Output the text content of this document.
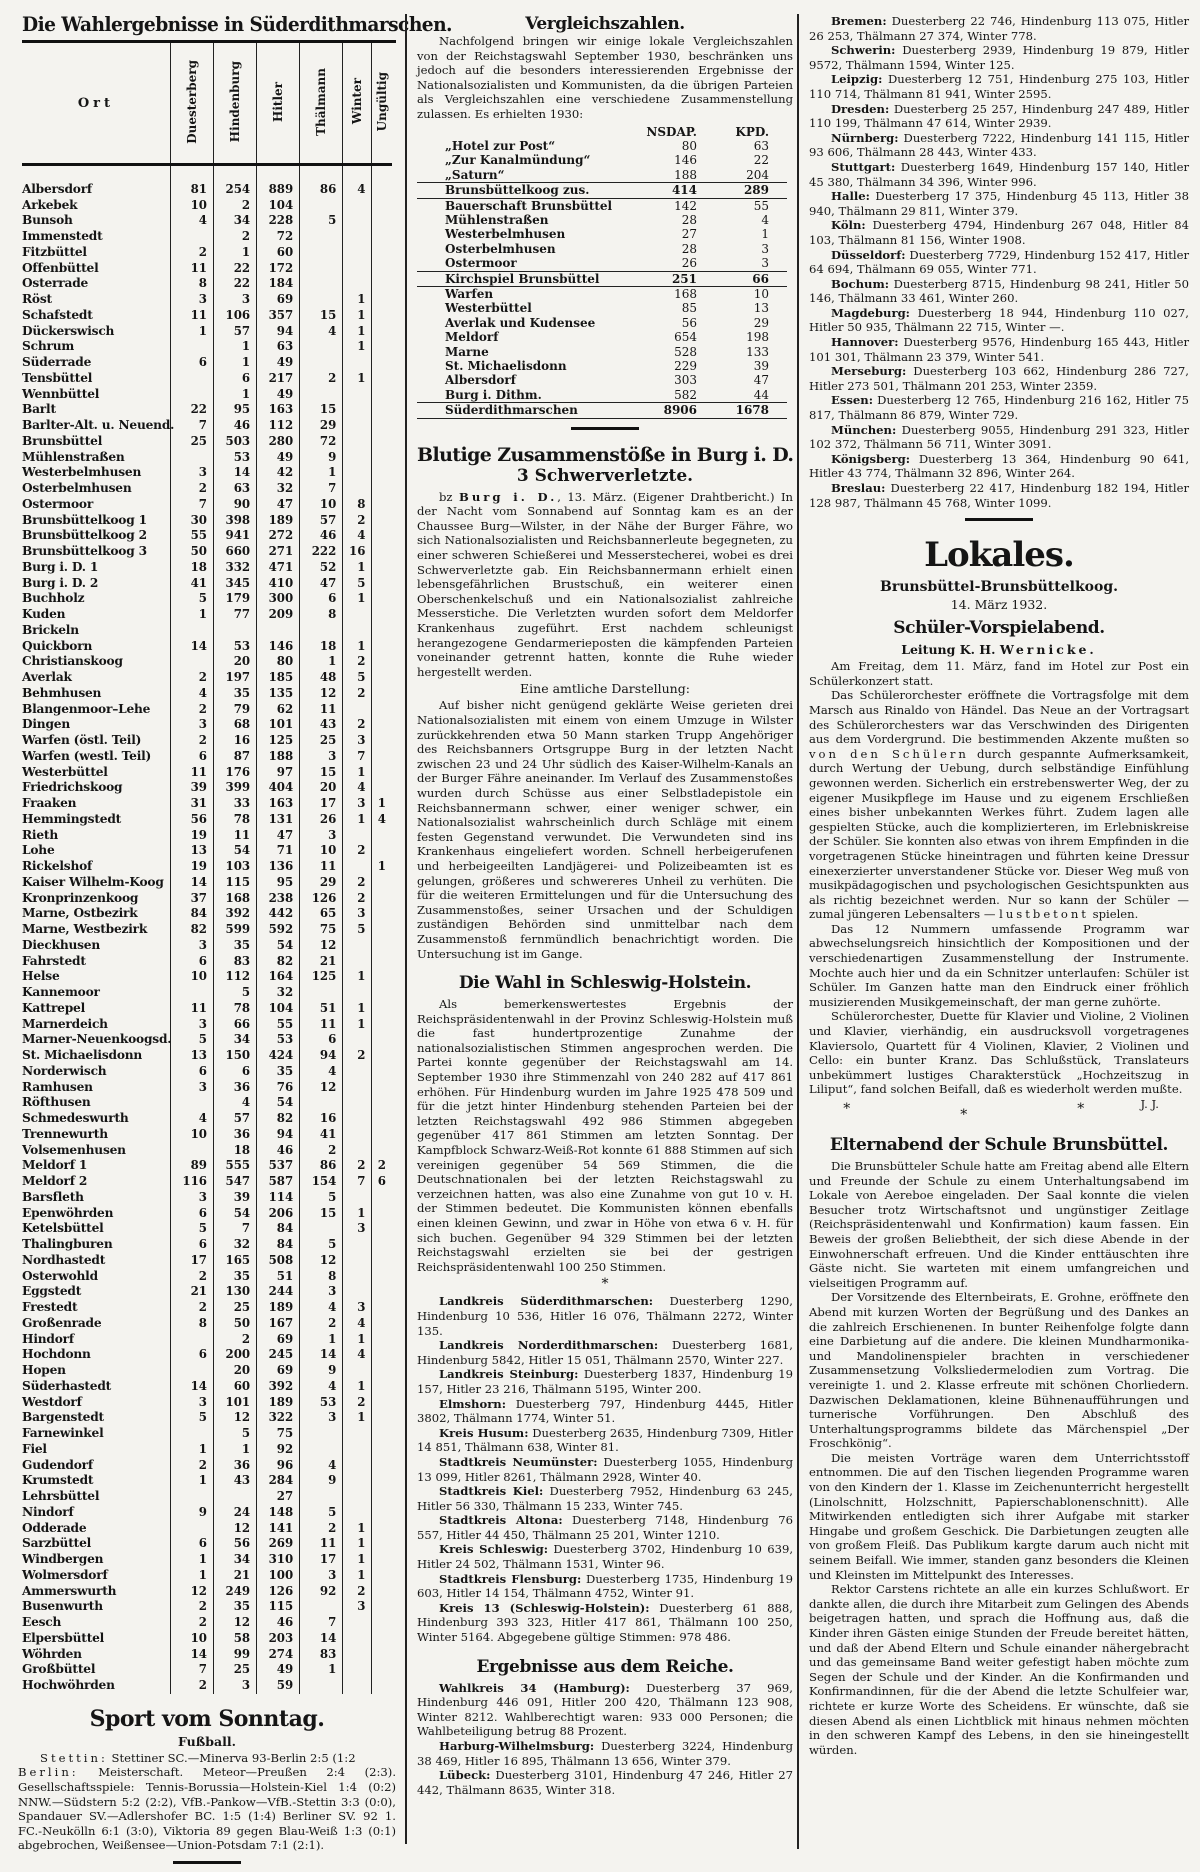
Die Wahlergebnisse in Süderdithmarschen.
Ort	Duesterberg	Hindenburg	Hitler	Thälmann	Winter	Ungültig

Albersdorf	81	254	889	86	4	
Arkebek	10	2	104			
Bunsoh	4	34	228	5		
Immenstedt		2	72			
Fitzbüttel	2	1	60			
Offenbüttel	11	22	172			
Osterrade	8	22	184			
Röst	3	3	69		1	
Schafstedt	11	106	357	15	1	
Dückerswisch	1	57	94	4	1	
Schrum		1	63		1	
Süderrade	6	1	49			
Tensbüttel		6	217	2	1	
Wennbüttel		1	49			
Barlt	22	95	163	15		
Barlter-Alt. u. Neuend.	7	46	112	29		
Brunsbüttel	25	503	280	72		
Mühlenstraßen		53	49	9		
Westerbelmhusen	3	14	42	1		
Osterbelmhusen	2	63	32	7		
Ostermoor	7	90	47	10	8	
Brunsbüttelkoog 1	30	398	189	57	2	
Brunsbüttelkoog 2	55	941	272	46	4	
Brunsbüttelkoog 3	50	660	271	222	16	
Burg i. D. 1	18	332	471	52	1	
Burg i. D. 2	41	345	410	47	5	
Buchholz	5	179	300	6	1	
Kuden	1	77	209	8		
Brickeln						
Quickborn	14	53	146	18	1	
Christianskoog		20	80	1	2	
Averlak	2	197	185	48	5	
Behmhusen	4	35	135	12	2	
Blangenmoor–Lehe	2	79	62	11		
Dingen	3	68	101	43	2	
Warfen (östl. Teil)	2	16	125	25	3	
Warfen (westl. Teil)	6	87	188	3	7	
Westerbüttel	11	176	97	15	1	
Friedrichskoog	39	399	404	20	4	
Fraaken	31	33	163	17	3	1
Hemmingstedt	56	78	131	26	1	4
Rieth	19	11	47	3		
Lohe	13	54	71	10	2	
Rickelshof	19	103	136	11		1
Kaiser Wilhelm-Koog	14	115	95	29	2	
Kronprinzenkoog	37	168	238	126	2	
Marne, Ostbezirk	84	392	442	65	3	
Marne, Westbezirk	82	599	592	75	5	
Dieckhusen	3	35	54	12		
Fahrstedt	6	83	82	21		
Helse	10	112	164	125	1	
Kannemoor		5	32			
Kattrepel	11	78	104	51	1	
Marnerdeich	3	66	55	11	1	
Marner-Neuenkoogsd.	5	34	53	6		
St. Michaelisdonn	13	150	424	94	2	
Norderwisch	6	6	35	4		
Ramhusen	3	36	76	12		
Röfthusen		4	54			
Schmedeswurth	4	57	82	16		
Trennewurth	10	36	94	41		
Volsemenhusen		18	46	2		
Meldorf 1	89	555	537	86	2	2
Meldorf 2	116	547	587	154	7	6
Barsfleth	3	39	114	5		
Epenwöhrden	6	54	206	15	1	
Ketelsbüttel	5	7	84		3	
Thalingburen	6	32	84	5		
Nordhastedt	17	165	508	12		
Osterwohld	2	35	51	8		
Eggstedt	21	130	244	3		
Frestedt	2	25	189	4	3	
Großenrade	8	50	167	2	4	
Hindorf		2	69	1	1	
Hochdonn	6	200	245	14	4	
Hopen		20	69	9		
Süderhastedt	14	60	392	4	1	
Westdorf	3	101	189	53	2	
Bargenstedt	5	12	322	3	1	
Farnewinkel		5	75			
Fiel	1	1	92			
Gudendorf	2	36	96	4		
Krumstedt	1	43	284	9		
Lehrsbüttel			27			
Nindorf	9	24	148	5		
Odderade		12	141	2	1	
Sarzbüttel	6	56	269	11	1	
Windbergen	1	34	310	17	1	
Wolmersdorf	1	21	100	3	1	
Ammerswurth	12	249	126	92	2	
Busenwurth	2	35	115		3	
Eesch	2	12	46	7		
Elpersbüttel	10	58	203	14		
Wöhrden	14	99	274	83		
Großbüttel	7	25	49	1		
Hochwöhrden	2	3	59			
Sport vom Sonntag.
Fußball.

Stettin: Stettiner SC.—Minerva 93-Berlin 2:5 (1:2
Berlin: Meisterschaft. Meteor—Preußen 2:4 (2:3). Gesellschaftsspiele: Tennis-Borussia—Holstein-Kiel 1:4 (0:2) NNW.—Südstern 5:2 (2:2), VfB.-Pankow—VfB.-Stettin 3:3 (0:0), Spandauer SV.—Adlershofer BC. 1:5 (1:4) Berliner SV. 92 1. FC.-Neukölln 6:1 (3:0), Viktoria 89 gegen Blau-Weiß 1:3 (0:1) abgebrochen, Weißensee—Union-Potsdam 7:1 (2:1).

Vergleichszahlen.

Nachfolgend bringen wir einige lokale Vergleichszahlen von der Reichstagswahl September 1930, beschränken uns jedoch auf die besonders interessierenden Ergebnisse der Nationalsozialisten und Kommunisten, da die übrigen Parteien als Vergleichszahlen eine verschiedene Zusammenstellung zulassen. Es erhielten 1930:

	NSDAP.	KPD.
„Hotel zur Post“	80	63
„Zur Kanalmündung“	146	22
„Saturn“	188	204
Brunsbüttelkoog zus.	414	289
Bauerschaft Brunsbüttel	142	55
Mühlenstraßen	28	4
Westerbelmhusen	27	1
Osterbelmhusen	28	3
Ostermoor	26	3
Kirchspiel Brunsbüttel	251	66
Warfen	168	10
Westerbüttel	85	13
Averlak und Kudensee	56	29
Meldorf	654	198
Marne	528	133
St. Michaelisdonn	229	39
Albersdorf	303	47
Burg i. Dithm.	582	44
Süderdithmarschen	8906	1678
Blutige Zusammenstöße in Burg i. D.
3 Schwerverletzte.

bz Burg i. D., 13. März. (Eigener Drahtbericht.) In der Nacht vom Sonnabend auf Sonntag kam es an der Chaussee Burg—Wilster, in der Nähe der Burger Fähre, wo sich Nationalsozialisten und Reichsbannerleute begegneten, zu einer schweren Schießerei und Messerstecherei, wobei es drei Schwerverletzte gab. Ein Reichsbannermann erhielt einen lebensgefährlichen Brustschuß, ein weiterer einen Oberschenkelschuß und ein Nationalsozialist zahlreiche Messerstiche. Die Verletzten wurden sofort dem Meldorfer Krankenhaus zugeführt. Erst nachdem schleunigst herangezogene Gendarmerieposten die kämpfenden Parteien voneinander getrennt hatten, konnte die Ruhe wieder hergestellt werden.

Eine amtliche Darstellung:

Auf bisher nicht genügend geklärte Weise gerieten drei Nationalsozialisten mit einem von einem Umzuge in Wilster zurückkehrenden etwa 50 Mann starken Trupp Angehöriger des Reichsbanners Ortsgruppe Burg in der letzten Nacht zwischen 23 und 24 Uhr südlich des Kaiser-Wilhelm-Kanals an der Burger Fähre aneinander. Im Verlauf des Zusammenstoßes wurden durch Schüsse aus einer Selbstladepistole ein Reichsbannermann schwer, einer weniger schwer, ein Nationalsozialist wahrscheinlich durch Schläge mit einem festen Gegenstand verwundet. Die Verwundeten sind ins Krankenhaus eingeliefert worden. Schnell herbeigerufenen und herbeigeeilten Landjägerei- und Polizeibeamten ist es gelungen, größeres und schwereres Unheil zu verhüten. Die für die weiteren Ermittelungen und für die Untersuchung des Zusammenstoßes, seiner Ursachen und der Schuldigen zuständigen Behörden sind unmittelbar nach dem Zusammenstoß fernmündlich benachrichtigt worden. Die Untersuchung ist im Gange.

Die Wahl in Schleswig-Holstein.

Als bemerkenswertestes Ergebnis der Reichspräsidentenwahl in der Provinz Schleswig-Holstein muß die fast hundertprozentige Zunahme der nationalsozialistischen Stimmen angesprochen werden. Die Partei konnte gegenüber der Reichstagswahl am 14. September 1930 ihre Stimmenzahl von 240 282 auf 417 861 erhöhen. Für Hindenburg wurden im Jahre 1925 478 509 und für die jetzt hinter Hindenburg stehenden Parteien bei der letzten Reichstagswahl 492 986 Stimmen abgegeben gegenüber 417 861 Stimmen am letzten Sonntag. Der Kampfblock Schwarz-Weiß-Rot konnte 61 888 Stimmen auf sich vereinigen gegenüber 54 569 Stimmen, die die Deutschnationalen bei der letzten Reichstagswahl zu verzeichnen hatten, was also eine Zunahme von gut 10 v. H. der Stimmen bedeutet. Die Kommunisten können ebenfalls einen kleinen Gewinn, und zwar in Höhe von etwa 6 v. H. für sich buchen. Gegenüber 94 329 Stimmen bei der letzten Reichstagswahl erzielten sie bei der gestrigen Reichspräsidentenwahl 100 250 Stimmen.

*

Landkreis Süderdithmarschen: Duesterberg 1290, Hindenburg 10 536, Hitler 16 076, Thälmann 2272, Winter 135.

Landkreis Norderdithmarschen: Duesterberg 1681, Hindenburg 5842, Hitler 15 051, Thälmann 2570, Winter 227.

Landkreis Steinburg: Duesterberg 1837, Hindenburg 19 157, Hitler 23 216, Thälmann 5195, Winter 200.

Elmshorn: Duesterberg 797, Hindenburg 4445, Hitler 3802, Thälmann 1774, Winter 51.

Kreis Husum: Duesterberg 2635, Hindenburg 7309, Hitler 14 851, Thälmann 638, Winter 81.

Stadtkreis Neumünster: Duesterberg 1055, Hindenburg 13 099, Hitler 8261, Thälmann 2928, Winter 40.

Stadtkreis Kiel: Duesterberg 7952, Hindenburg 63 245, Hitler 56 330, Thälmann 15 233, Winter 745.

Stadtkreis Altona: Duesterberg 7148, Hindenburg 76 557, Hitler 44 450, Thälmann 25 201, Winter 1210.

Kreis Schleswig: Duesterberg 3702, Hindenburg 10 639, Hitler 24 502, Thälmann 1531, Winter 96.

Stadtkreis Flensburg: Duesterberg 1735, Hindenburg 19 603, Hitler 14 154, Thälmann 4752, Winter 91.

Kreis 13 (Schleswig-Holstein): Duesterberg 61 888, Hindenburg 393 323, Hitler 417 861, Thälmann 100 250, Winter 5164. Abgegebene gültige Stimmen: 978 486.

Ergebnisse aus dem Reiche.

Wahlkreis 34 (Hamburg): Duesterberg 37 969, Hindenburg 446 091, Hitler 200 420, Thälmann 123 908, Winter 8212. Wahlberechtigt waren: 933 000 Personen; die Wahlbeteiligung betrug 88 Prozent.

Harburg-Wilhelmsburg: Duesterberg 3224, Hindenburg 38 469, Hitler 16 895, Thälmann 13 656, Winter 379.

Lübeck: Duesterberg 3101, Hindenburg 47 246, Hitler 27 442, Thälmann 8635, Winter 318.

Bremen: Duesterberg 22 746, Hindenburg 113 075, Hitler 26 253, Thälmann 27 374, Winter 778.

Schwerin: Duesterberg 2939, Hindenburg 19 879, Hitler 9572, Thälmann 1594, Winter 125.

Leipzig: Duesterberg 12 751, Hindenburg 275 103, Hitler 110 714, Thälmann 81 941, Winter 2595.

Dresden: Duesterberg 25 257, Hindenburg 247 489, Hitler 110 199, Thälmann 47 614, Winter 2939.

Nürnberg: Duesterberg 7222, Hindenburg 141 115, Hitler 93 606, Thälmann 28 443, Winter 433.

Stuttgart: Duesterberg 1649, Hindenburg 157 140, Hitler 45 380, Thälmann 34 396, Winter 996.

Halle: Duesterberg 17 375, Hindenburg 45 113, Hitler 38 940, Thälmann 29 811, Winter 379.

Köln: Duesterberg 4794, Hindenburg 267 048, Hitler 84 103, Thälmann 81 156, Winter 1908.

Düsseldorf: Duesterberg 7729, Hindenburg 152 417, Hitler 64 694, Thälmann 69 055, Winter 771.

Bochum: Duesterberg 8715, Hindenburg 98 241, Hitler 50 146, Thälmann 33 461, Winter 260.

Magdeburg: Duesterberg 18 944, Hindenburg 110 027, Hitler 50 935, Thälmann 22 715, Winter —.

Hannover: Duesterberg 9576, Hindenburg 165 443, Hitler 101 301, Thälmann 23 379, Winter 541.

Merseburg: Duesterberg 103 662, Hindenburg 286 727, Hitler 273 501, Thälmann 201 253, Winter 2359.

Essen: Duesterberg 12 765, Hindenburg 216 162, Hitler 75 817, Thälmann 86 879, Winter 729.

München: Duesterberg 9055, Hindenburg 291 323, Hitler 102 372, Thälmann 56 711, Winter 3091.

Königsberg: Duesterberg 13 364, Hindenburg 90 641, Hitler 43 774, Thälmann 32 896, Winter 264.

Breslau: Duesterberg 22 417, Hindenburg 182 194, Hitler 128 987, Thälmann 45 768, Winter 1099.

Lokales.
Brunsbüttel-Brunsbüttelkoog.
14. März 1932.
Schüler-Vorspielabend.
Leitung K. H. Wernicke.

Am Freitag, dem 11. März, fand im Hotel zur Post ein Schülerkonzert statt.

Das Schülerorchester eröffnete die Vortragsfolge mit dem Marsch aus Rinaldo von Händel. Das Neue an der Vortragsart des Schülerorchesters war das Verschwinden des Dirigenten aus dem Vordergrund. Die bestimmenden Akzente mußten so von den Schülern durch gespannte Aufmerksamkeit, durch Wertung der Uebung, durch selbständige Einfühlung gewonnen werden. Sicherlich ein erstrebenswerter Weg, der zu eigener Musikpflege im Hause und zu eigenem Erschließen eines bisher unbekannten Werkes führt. Zudem lagen alle gespielten Stücke, auch die komplizierteren, im Erlebniskreise der Schüler. Sie konnten also etwas von ihrem Empfinden in die vorgetragenen Stücke hineintragen und führten keine Dressur einexerzierter unverstandener Stücke vor. Dieser Weg muß von musikpädagogischen und psychologischen Gesichtspunkten aus als richtig bezeichnet werden. Nur so kann der Schüler — zumal jüngeren Lebensalters — lustbetont spielen.

Das 12 Nummern umfassende Programm war abwechselungsreich hinsichtlich der Kompositionen und der verschiedenartigen Zusammenstellung der Instrumente. Mochte auch hier und da ein Schnitzer unterlaufen: Schüler ist Schüler. Im Ganzen hatte man den Eindruck einer fröhlich musizierenden Musikgemeinschaft, der man gerne zuhörte.

Schülerorchester, Duette für Klavier und Violine, 2 Violinen und Klavier, vierhändig, ein ausdrucksvoll vorgetragenes Klaviersolo, Quartett für 4 Violinen, Klavier, 2 Violinen und Cello: ein bunter Kranz. Das Schlußstück, Translateurs unbekümmert lustiges Charakterstück „Hochzeitszug in Liliput“, fand solchen Beifall, daß es wiederholt werden mußte.
J. J.

*	*	*
Elternabend der Schule Brunsbüttel.

Die Brunsbütteler Schule hatte am Freitag abend alle Eltern und Freunde der Schule zu einem Unterhaltungsabend im Lokale von Aereboe eingeladen. Der Saal konnte die vielen Besucher trotz Wirtschaftsnot und ungünstiger Zeitlage (Reichspräsidentenwahl und Konfirmation) kaum fassen. Ein Beweis der großen Beliebtheit, der sich diese Abende in der Einwohnerschaft erfreuen. Und die Kinder enttäuschten ihre Gäste nicht. Sie warteten mit einem umfangreichen und vielseitigen Programm auf.

Der Vorsitzende des Elternbeirats, E. Grohne, eröffnete den Abend mit kurzen Worten der Begrüßung und des Dankes an die zahlreich Erschienenen. In bunter Reihenfolge folgte dann eine Darbietung auf die andere. Die kleinen Mundharmonika- und Mandolinenspieler brachten in verschiedener Zusammensetzung Volksliedermelodien zum Vortrag. Die vereinigte 1. und 2. Klasse erfreute mit schönen Chorliedern. Dazwischen Deklamationen, kleine Bühnenaufführungen und turnerische Vorführungen. Den Abschluß des Unterhaltungsprogramms bildete das Märchenspiel „Der Froschkönig“.

Die meisten Vorträge waren dem Unterrichtsstoff entnommen. Die auf den Tischen liegenden Programme waren von den Kindern der 1. Klasse im Zeichenunterricht hergestellt (Linolschnitt, Holzschnitt, Papierschablonenschnitt). Alle Mitwirkenden entledigten sich ihrer Aufgabe mit starker Hingabe und großem Geschick. Die Darbietungen zeugten alle von großem Fleiß. Das Publikum kargte darum auch nicht mit seinem Beifall. Wie immer, standen ganz besonders die Kleinen und Kleinsten im Mittelpunkt des Interesses.

Rektor Carstens richtete an alle ein kurzes Schlußwort. Er dankte allen, die durch ihre Mitarbeit zum Gelingen des Abends beigetragen hatten, und sprach die Hoffnung aus, daß die Kinder ihren Gästen einige Stunden der Freude bereitet hätten, und daß der Abend Eltern und Schule einander nähergebracht und das gemeinsame Band weiter gefestigt haben möchte zum Segen der Schule und der Kinder. An die Konfirmanden und Konfirmandinnen, für die der Abend die letzte Schulfeier war, richtete er kurze Worte des Scheidens. Er wünschte, daß sie diesen Abend als einen Lichtblick mit hinaus nehmen möchten in den schweren Kampf des Lebens, in den sie hineingestellt würden.
